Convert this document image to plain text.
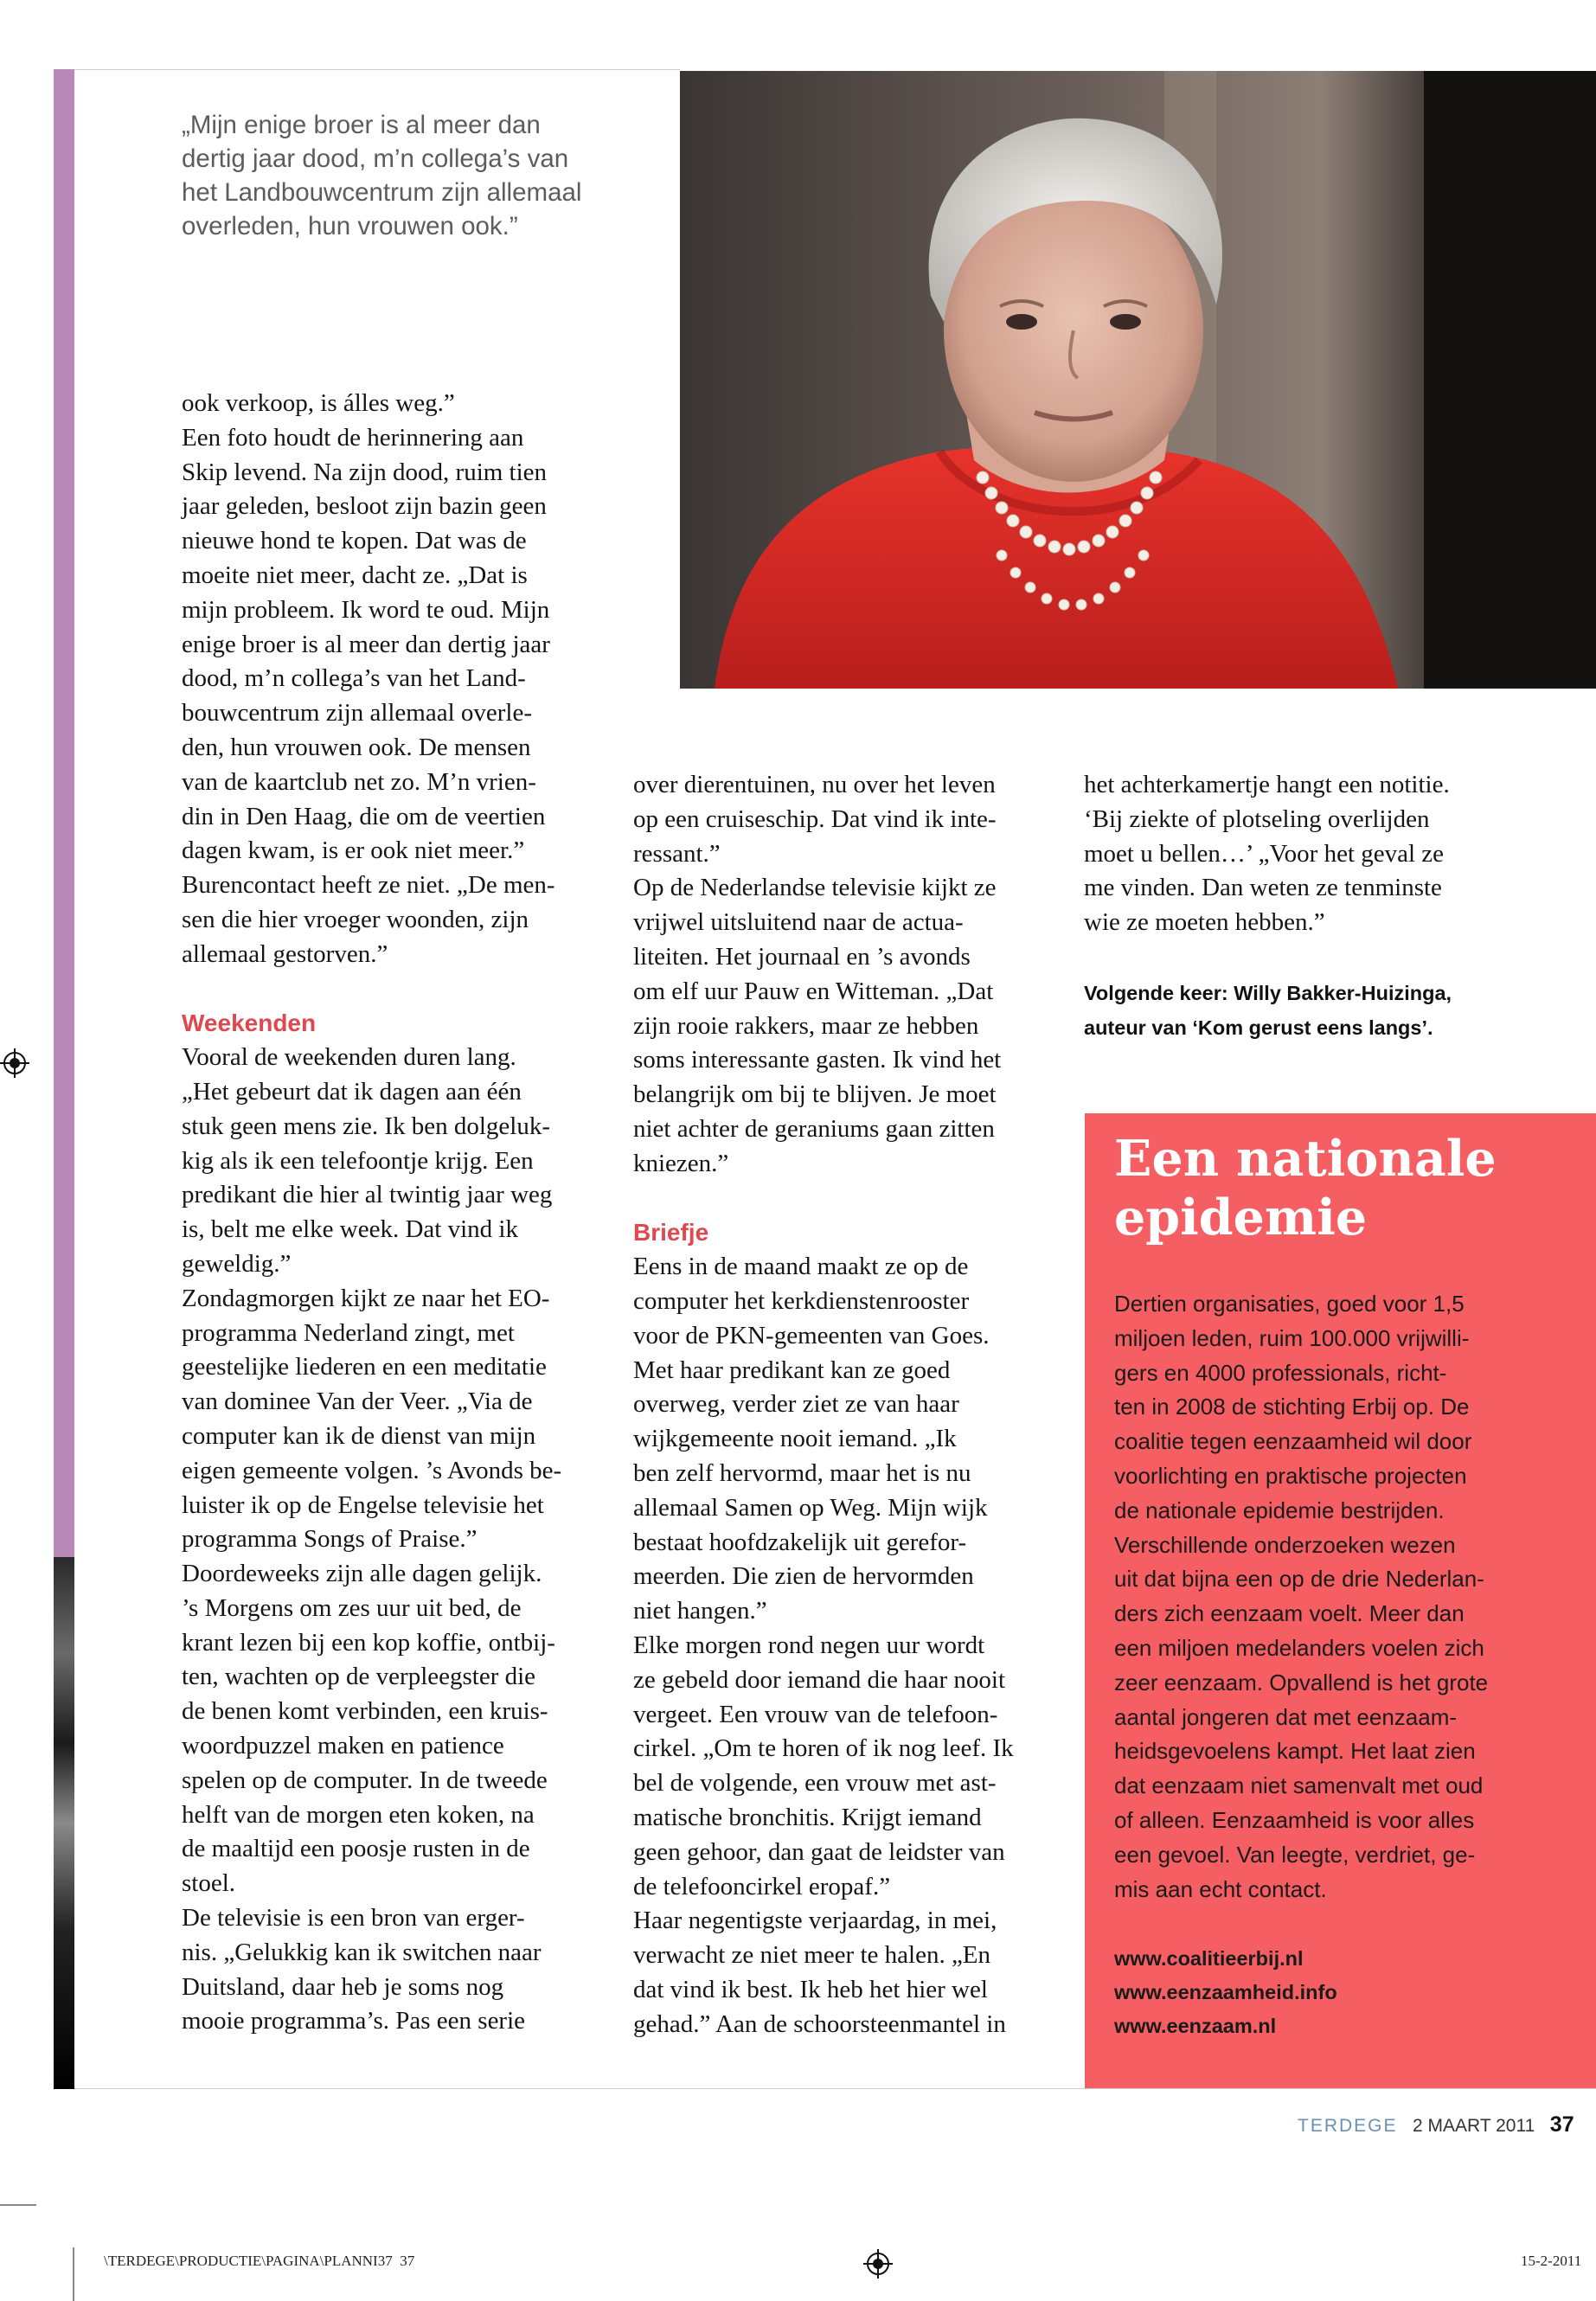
„Mijn enige broer is al meer dan
dertig jaar dood, m’n collega’s van
het Landbouwcentrum zijn allemaal
overleden, hun vrouwen ook.”

ook verkoop, is álles weg.”
Een foto houdt de herinnering aan
Skip levend. Na zijn dood, ruim tien
jaar geleden, besloot zijn bazin geen
nieuwe hond te kopen. Dat was de
moeite niet meer, dacht ze. „Dat is
mijn probleem. Ik word te oud. Mijn
enige broer is al meer dan dertig jaar
dood, m’n collega’s van het Land-
bouwcentrum zijn allemaal overle-
den, hun vrouwen ook. De mensen
van de kaartclub net zo. M’n vrien-
din in Den Haag, die om de veertien
dagen kwam, is er ook niet meer.”
Burencontact heeft ze niet. „De men-
sen die hier vroeger woonden, zijn
allemaal gestorven.”

Weekenden

Vooral de weekenden duren lang.
„Het gebeurt dat ik dagen aan één
stuk geen mens zie. Ik ben dolgeluk-
kig als ik een telefoontje krijg. Een
predikant die hier al twintig jaar weg
is, belt me elke week. Dat vind ik
geweldig.”
Zondagmorgen kijkt ze naar het EO-
programma Nederland zingt, met
geestelijke liederen en een meditatie
van dominee Van der Veer. „Via de
computer kan ik de dienst van mijn
eigen gemeente volgen. ’s Avonds be-
luister ik op de Engelse televisie het
programma Songs of Praise.”
Doordeweeks zijn alle dagen gelijk.
’s Morgens om zes uur uit bed, de
krant lezen bij een kop koffie, ontbij-
ten, wachten op de verpleegster die
de benen komt verbinden, een kruis-
woordpuzzel maken en patience
spelen op de computer. In de tweede
helft van de morgen eten koken, na
de maaltijd een poosje rusten in de
stoel.
De televisie is een bron van erger-
nis. „Gelukkig kan ik switchen naar
Duitsland, daar heb je soms nog
mooie programma’s. Pas een serie

over dierentuinen, nu over het leven
op een cruiseschip. Dat vind ik inte-
ressant.”
Op de Nederlandse televisie kijkt ze
vrijwel uitsluitend naar de actua-
liteiten. Het journaal en ’s avonds
om elf uur Pauw en Witteman. „Dat
zijn rooie rakkers, maar ze hebben
soms interessante gasten. Ik vind het
belangrijk om bij te blijven. Je moet
niet achter de geraniums gaan zitten
kniezen.”

Briefje

Eens in de maand maakt ze op de
computer het kerkdienstenrooster
voor de PKN-gemeenten van Goes.
Met haar predikant kan ze goed
overweg, verder ziet ze van haar
wijkgemeente nooit iemand. „Ik
ben zelf hervormd, maar het is nu
allemaal Samen op Weg. Mijn wijk
bestaat hoofdzakelijk uit gerefor-
meerden. Die zien de hervormden
niet hangen.”
Elke morgen rond negen uur wordt
ze gebeld door iemand die haar nooit
vergeet. Een vrouw van de telefoon-
cirkel. „Om te horen of ik nog leef. Ik
bel de volgende, een vrouw met ast-
matische bronchitis. Krijgt iemand
geen gehoor, dan gaat de leidster van
de telefooncirkel eropaf.”
Haar negentigste verjaardag, in mei,
verwacht ze niet meer te halen. „En
dat vind ik best. Ik heb het hier wel
gehad.” Aan de schoorsteenmantel in

het achterkamertje hangt een notitie.
‘Bij ziekte of plotseling overlijden
moet u bellen…’ „Voor het geval ze
me vinden. Dan weten ze tenminste
wie ze moeten hebben.”

Volgende keer: Willy Bakker-Huizinga,
auteur van ‘Kom gerust eens langs’.
Een nationale
epidemie

Dertien organisaties, goed voor 1,5
miljoen leden, ruim 100.000 vrijwilli-
gers en 4000 professionals, richt-
ten in 2008 de stichting Erbij op. De
coalitie tegen eenzaamheid wil door
voorlichting en praktische projecten
de nationale epidemie bestrijden.
Verschillende onderzoeken wezen
uit dat bijna een op de drie Nederlan-
ders zich eenzaam voelt. Meer dan
een miljoen medelanders voelen zich
zeer eenzaam. Opvallend is het grote
aantal jongeren dat met eenzaam-
heidsgevoelens kampt. Het laat zien
dat eenzaam niet samenvalt met oud
of alleen. Eenzaamheid is voor alles
een gevoel. Van leegte, verdriet, ge-
mis aan echt contact.

www.coalitieerbij.nl
www.eenzaamheid.info
www.eenzaam.nl
TERDEGE 2 MAART 2011 37
\TERDEGE\PRODUCTIE\PAGINA\PLANNI37 37	15-2-2011
